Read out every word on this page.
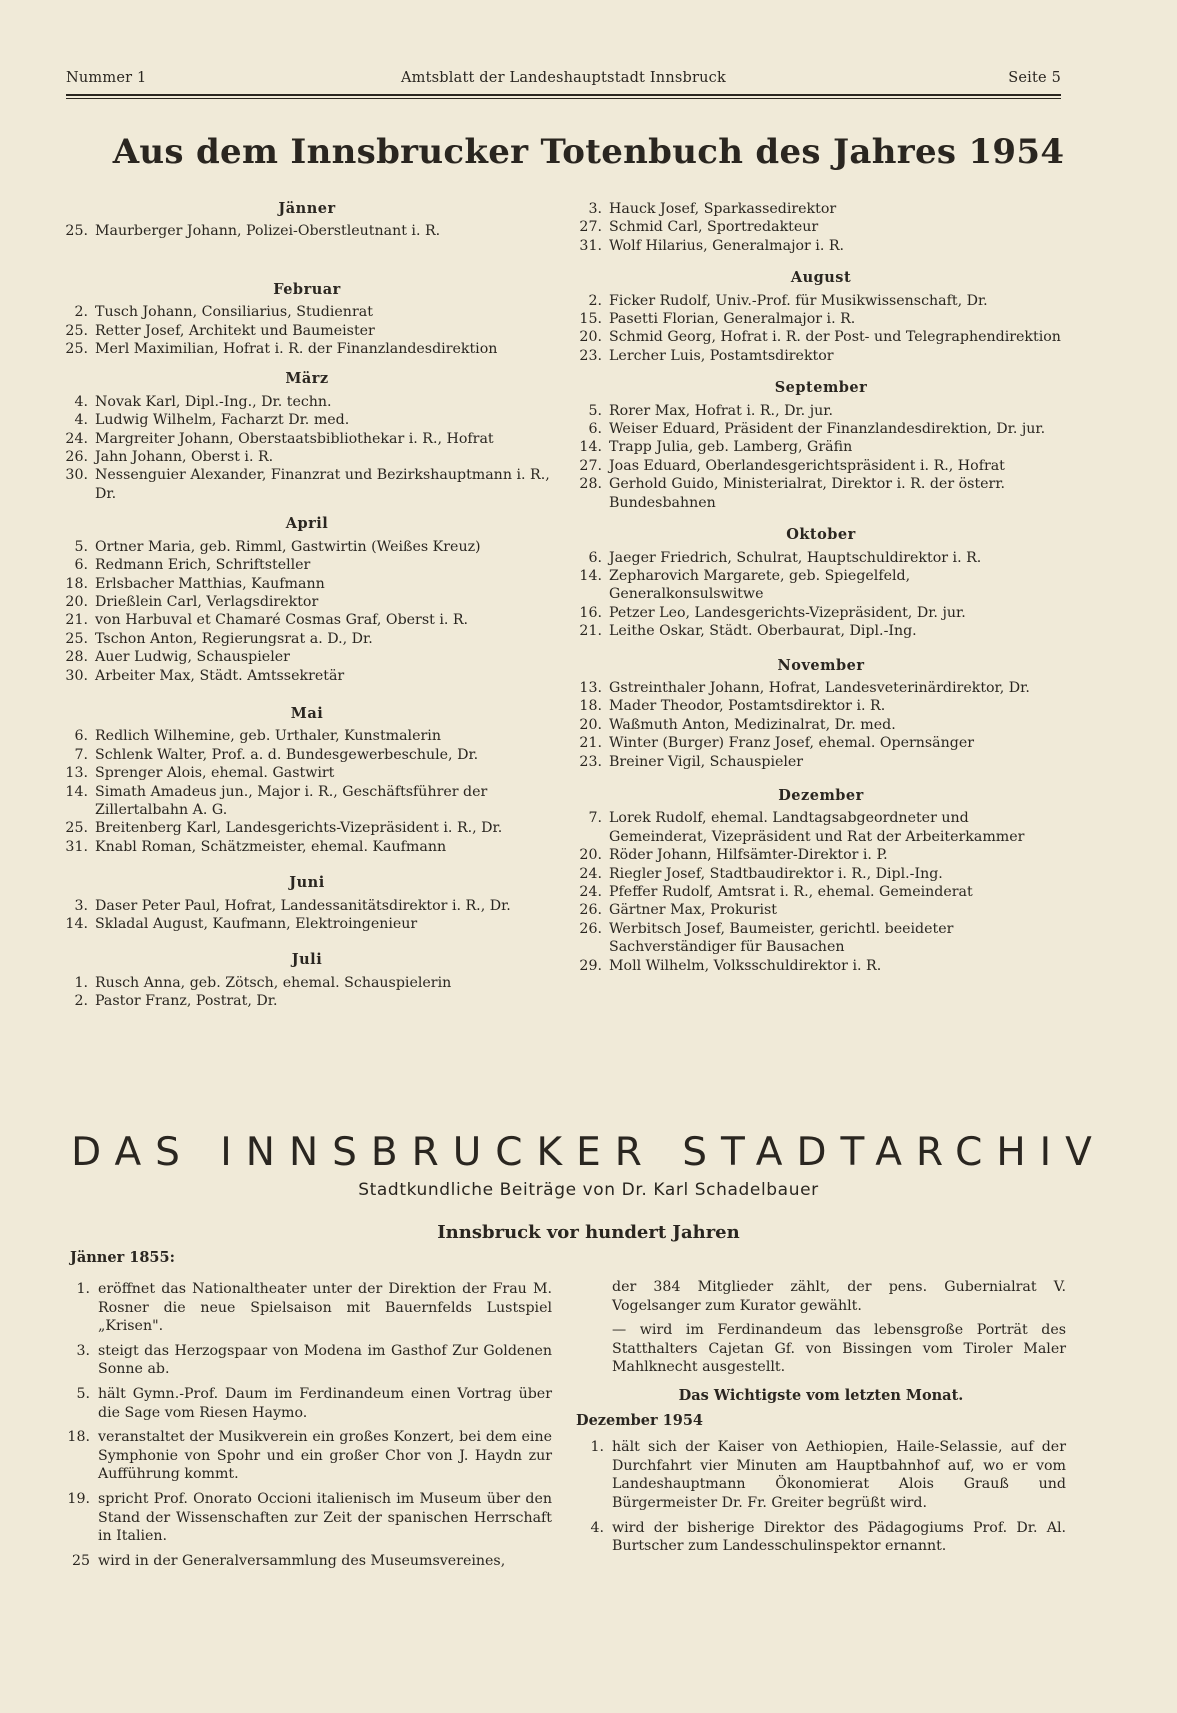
Nummer 1	Amtsblatt der Landeshauptstadt Innsbruck	Seite 5
Aus dem Innsbrucker Totenbuch des Jahres 1954
Jänner
25. Maurberger Johann, Polizei-Oberstleutnant i. R.
Februar
2. Tusch Johann, Consiliarius, Studienrat
25. Retter Josef, Architekt und Baumeister
25. Merl Maximilian, Hofrat i. R. der Finanzlandesdirektion
März
4. Novak Karl, Dipl.-Ing., Dr. techn.
4. Ludwig Wilhelm, Facharzt Dr. med.
24. Margreiter Johann, Oberstaatsbibliothekar i. R., Hofrat
26. Jahn Johann, Oberst i. R.
30. Nessenguier Alexander, Finanzrat und Bezirkshauptmann i. R., Dr.
April
5. Ortner Maria, geb. Rimml, Gastwirtin (Weißes Kreuz)
6. Redmann Erich, Schriftsteller
18. Erlsbacher Matthias, Kaufmann
20. Drießlein Carl, Verlagsdirektor
21. von Harbuval et Chamaré Cosmas Graf, Oberst i. R.
25. Tschon Anton, Regierungsrat a. D., Dr.
28. Auer Ludwig, Schauspieler
30. Arbeiter Max, Städt. Amtssekretär
Mai
6. Redlich Wilhemine, geb. Urthaler, Kunstmalerin
7. Schlenk Walter, Prof. a. d. Bundesgewerbeschule, Dr.
13. Sprenger Alois, ehemal. Gastwirt
14. Simath Amadeus jun., Major i. R., Geschäftsführer der Zillertalbahn A. G.
25. Breitenberg Karl, Landesgerichts-Vizepräsident i. R., Dr.
31. Knabl Roman, Schätzmeister, ehemal. Kaufmann
Juni
3. Daser Peter Paul, Hofrat, Landessanitätsdirektor i. R., Dr.
14. Skladal August, Kaufmann, Elektroingenieur
Juli
1. Rusch Anna, geb. Zötsch, ehemal. Schauspielerin
2. Pastor Franz, Postrat, Dr.
3. Hauck Josef, Sparkassedirektor
27. Schmid Carl, Sportredakteur
31. Wolf Hilarius, Generalmajor i. R.
August
2. Ficker Rudolf, Univ.-Prof. für Musikwissenschaft, Dr.
15. Pasetti Florian, Generalmajor i. R.
20. Schmid Georg, Hofrat i. R. der Post- und Telegraphendirektion
23. Lercher Luis, Postamtsdirektor
September
5. Rorer Max, Hofrat i. R., Dr. jur.
6. Weiser Eduard, Präsident der Finanzlandesdirektion, Dr. jur.
14. Trapp Julia, geb. Lamberg, Gräfin
27. Joas Eduard, Oberlandesgerichtspräsident i. R., Hofrat
28. Gerhold Guido, Ministerialrat, Direktor i. R. der österr. Bundesbahnen
Oktober
6. Jaeger Friedrich, Schulrat, Hauptschuldirektor i. R.
14. Zepharovich Margarete, geb. Spiegelfeld, Generalkonsulswitwe
16. Petzer Leo, Landesgerichts-Vizepräsident, Dr. jur.
21. Leithe Oskar, Städt. Oberbaurat, Dipl.-Ing.
November
13. Gstreinthaler Johann, Hofrat, Landesveterinärdirektor, Dr.
18. Mader Theodor, Postamtsdirektor i. R.
20. Waßmuth Anton, Medizinalrat, Dr. med.
21. Winter (Burger) Franz Josef, ehemal. Opernsänger
23. Breiner Vigil, Schauspieler
Dezember
7. Lorek Rudolf, ehemal. Landtagsabgeordneter und Gemeinderat, Vizepräsident und Rat der Arbeiterkammer
20. Röder Johann, Hilfsämter-Direktor i. P.
24. Riegler Josef, Stadtbaudirektor i. R., Dipl.-Ing.
24. Pfeffer Rudolf, Amtsrat i. R., ehemal. Gemeinderat
26. Gärtner Max, Prokurist
26. Werbitsch Josef, Baumeister, gerichtl. beeideter Sachverständiger für Bausachen
29. Moll Wilhelm, Volksschuldirektor i. R.
DAS INNSBRUCKER STADTARCHIV
Stadtkundliche Beiträge von Dr. Karl Schadelbauer
Innsbruck vor hundert Jahren
Jänner 1855:
1. eröffnet das Nationaltheater unter der Direktion der Frau M. Rosner die neue Spielsaison mit Bauernfelds Lustspiel „Krisen".
3. steigt das Herzogspaar von Modena im Gasthof Zur Goldenen Sonne ab.
5. hält Gymn.-Prof. Daum im Ferdinandeum einen Vortrag über die Sage vom Riesen Haymo.
18. veranstaltet der Musikverein ein großes Konzert, bei dem eine Symphonie von Spohr und ein großer Chor von J. Haydn zur Aufführung kommt.
19. spricht Prof. Onorato Occioni italienisch im Museum über den Stand der Wissenschaften zur Zeit der spanischen Herrschaft in Italien.
25 wird in der Generalversammlung des Museumsvereines,
der 384 Mitglieder zählt, der pens. Gubernialrat V. Vogelsanger zum Kurator gewählt.
— wird im Ferdinandeum das lebensgroße Porträt des Statthalters Cajetan Gf. von Bissingen vom Tiroler Maler Mahlknecht ausgestellt.
Das Wichtigste vom letzten Monat.
Dezember 1954
1. hält sich der Kaiser von Aethiopien, Haile-Selassie, auf der Durchfahrt vier Minuten am Hauptbahnhof auf, wo er vom Landeshauptmann Ökonomierat Alois Grauß und Bürgermeister Dr. Fr. Greiter begrüßt wird.
4. wird der bisherige Direktor des Pädagogiums Prof. Dr. Al. Burtscher zum Landesschulinspektor ernannt.
